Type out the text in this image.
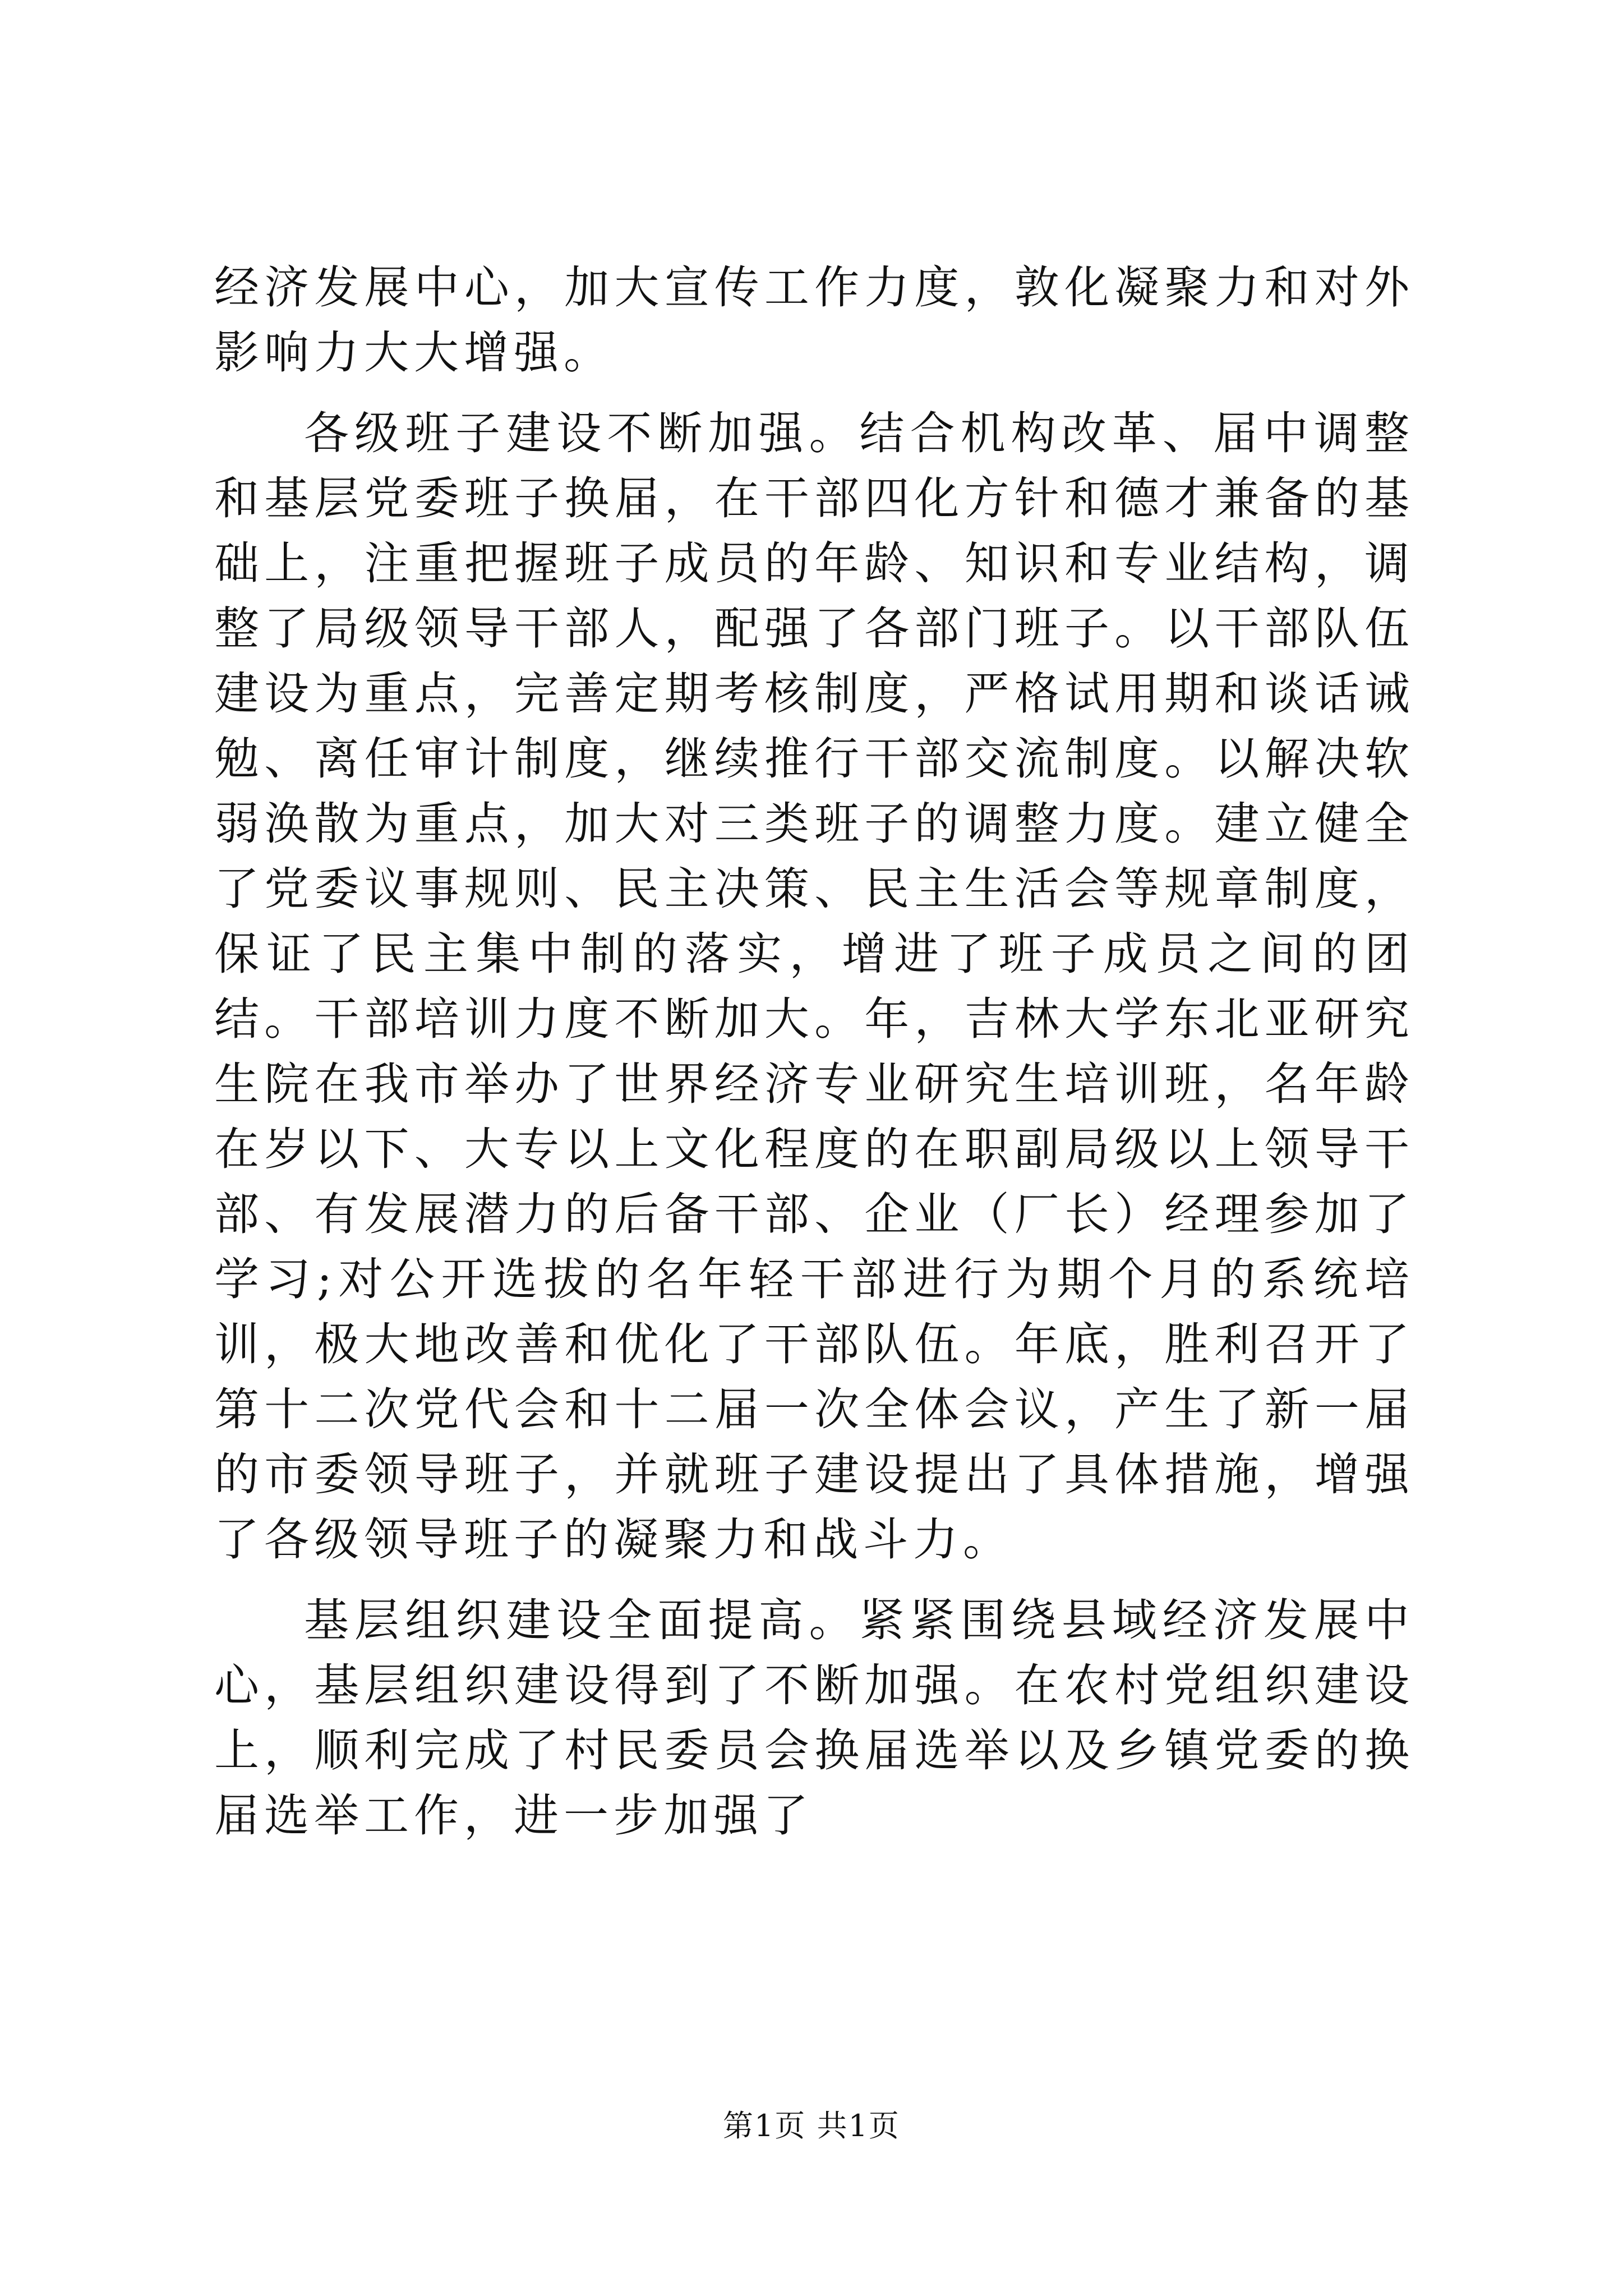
经济发展中心，加大宣传工作力度，敦化凝聚力和对外影响力大大增强。

各级班子建设不断加强。结合机构改革、届中调整和基层党委班子换届，在干部四化方针和德才兼备的基础上，注重把握班子成员的年龄、知识和专业结构，调整了局级领导干部人，配强了各部门班子。以干部队伍建设为重点，完善定期考核制度，严格试用期和谈话诫勉、离任审计制度，继续推行干部交流制度。以解决软弱涣散为重点，加大对三类班子的调整力度。建立健全了党委议事规则、民主决策、民主生活会等规章制度，保证了民主集中制的落实，增进了班子成员之间的团结。干部培训力度不断加大。年，吉林大学东北亚研究生院在我市举办了世界经济专业研究生培训班，名年龄在岁以下、大专以上文化程度的在职副局级以上领导干部、有发展潜力的后备干部、企业（厂长）经理参加了学习;对公开选拔的名年轻干部进行为期个月的系统培训，极大地改善和优化了干部队伍。年底，胜利召开了第十二次党代会和十二届一次全体会议，产生了新一届的市委领导班子，并就班子建设提出了具体措施，增强了各级领导班子的凝聚力和战斗力。

基层组织建设全面提高。紧紧围绕县域经济发展中心，基层组织建设得到了不断加强。在农村党组织建设上，顺利完成了村民委员会换届选举以及乡镇党委的换届选举工作，进一步加强了

第1页 共1页
